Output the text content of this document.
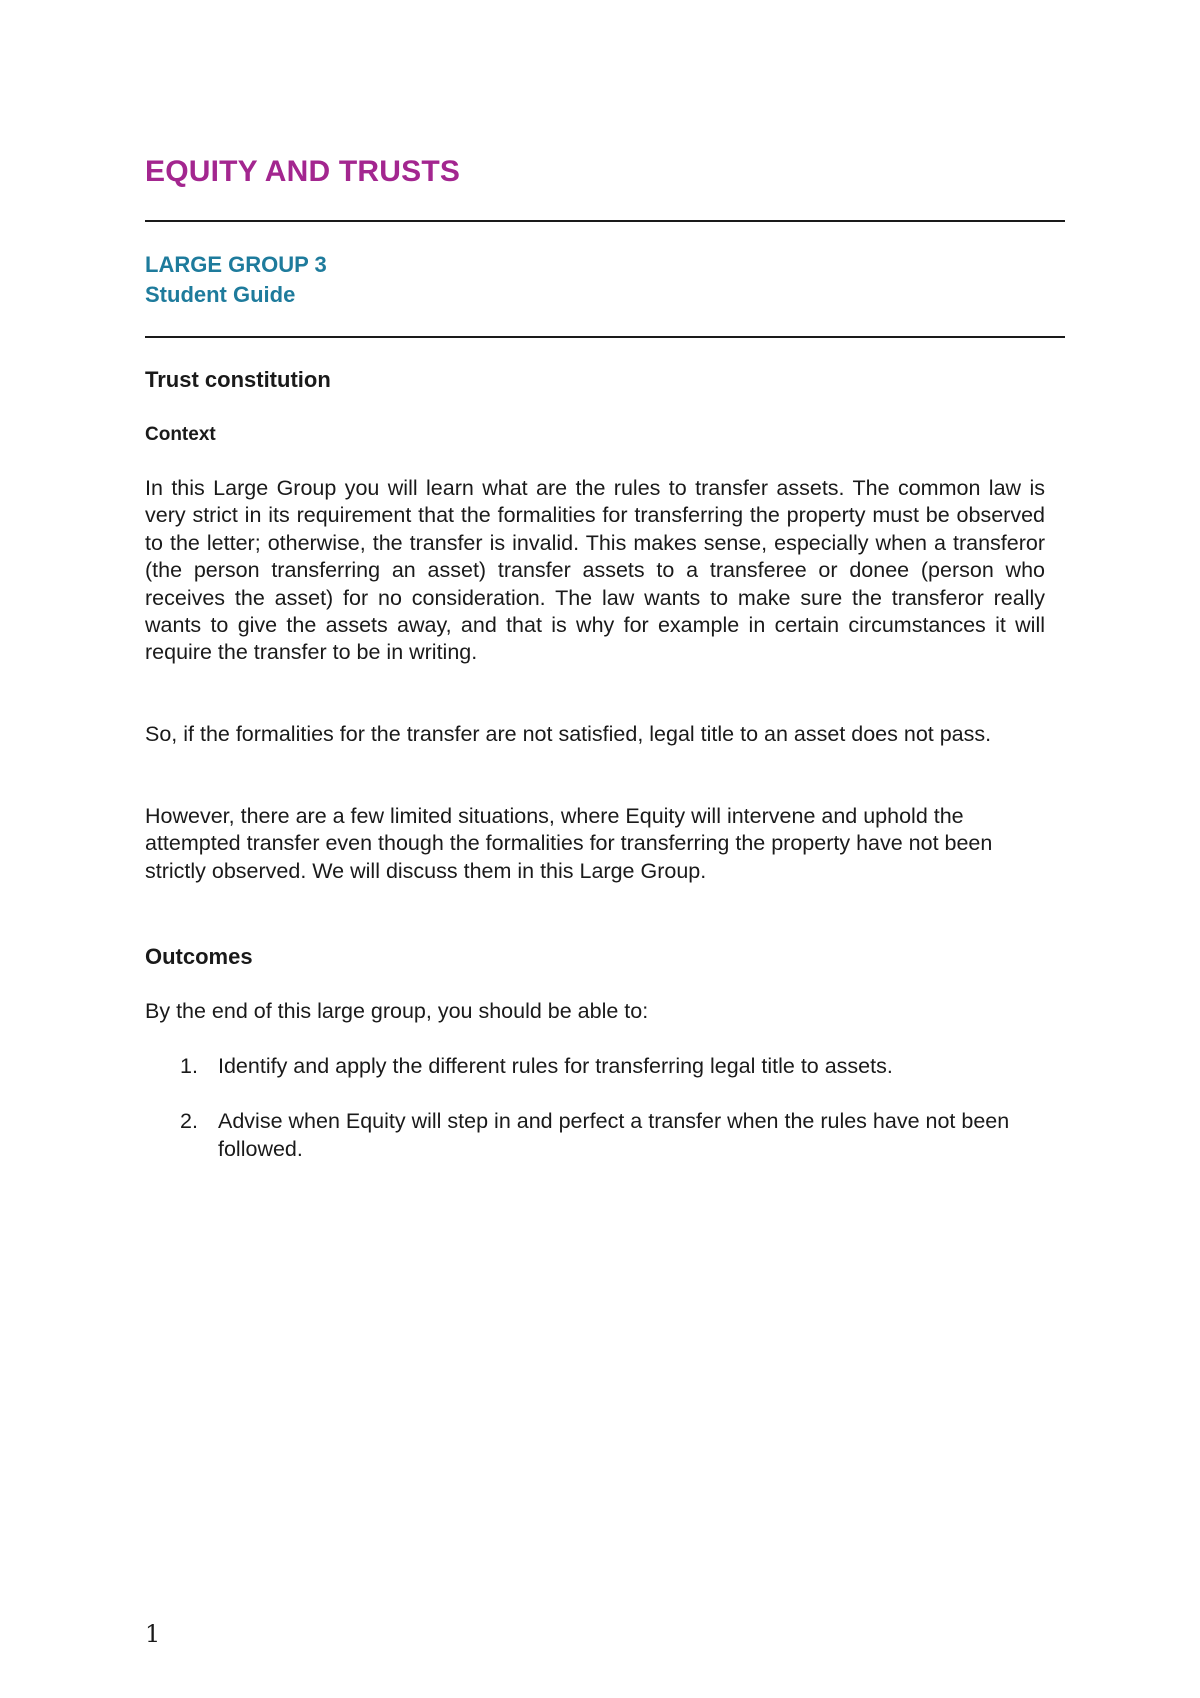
EQUITY AND TRUSTS

LARGE GROUP 3

Student Guide

Trust constitution
Context

In this Large Group you will learn what are the rules to transfer assets. The common law is very strict in its requirement that the formalities for transferring the property must be observed to the letter; otherwise, the transfer is invalid. This makes sense, especially when a transferor (the person transferring an asset) transfer assets to a transferee or donee (person who receives the asset) for no consideration. The law wants to make sure the transferor really wants to give the assets away, and that is why for example in certain circumstances it will require the transfer to be in writing.

So, if the formalities for the transfer are not satisfied, legal title to an asset does not pass.

However, there are a few limited situations, where Equity will intervene and uphold the attempted transfer even though the formalities for transferring the property have not been strictly observed. We will discuss them in this Large Group.

Outcomes

By the end of this large group, you should be able to:

1. Identify and apply the different rules for transferring legal title to assets.
2. Advise when Equity will step in and perfect a transfer when the rules have not been followed.
1
